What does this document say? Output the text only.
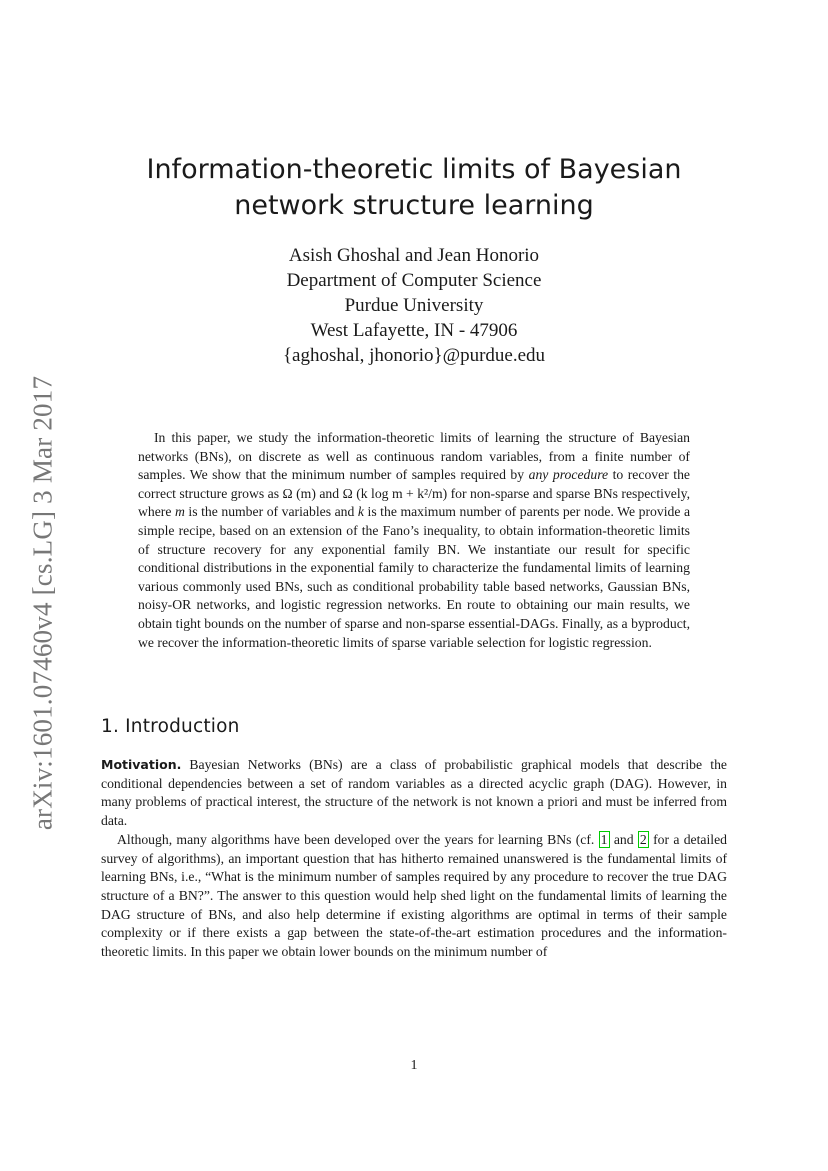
arXiv:1601.07460v4 [cs.LG] 3 Mar 2017
Information-theoretic limits of Bayesian
network structure learning
Asish Ghoshal and Jean Honorio
Department of Computer Science
Purdue University
West Lafayette, IN - 47906
{aghoshal, jhonorio}@purdue.edu

In this paper, we study the information-theoretic limits of learning the structure of Bayesian networks (BNs), on discrete as well as continuous random variables, from a finite number of samples. We show that the minimum number of samples required by any procedure to recover the correct structure grows as Ω (m) and Ω (k log m + k²/m) for non-sparse and sparse BNs respectively, where m is the number of variables and k is the maximum number of parents per node. We provide a simple recipe, based on an extension of the Fano’s inequality, to obtain information-theoretic limits of structure recovery for any exponential family BN. We instantiate our result for specific conditional distributions in the exponential family to characterize the fundamental limits of learning various commonly used BNs, such as conditional probability table based networks, Gaussian BNs, noisy-OR networks, and logistic regression networks. En route to obtaining our main results, we obtain tight bounds on the number of sparse and non-sparse essential-DAGs. Finally, as a byproduct, we recover the information-theoretic limits of sparse variable selection for logistic regression.

1. Introduction

Motivation. Bayesian Networks (BNs) are a class of probabilistic graphical models that describe the conditional dependencies between a set of random variables as a directed acyclic graph (DAG). However, in many problems of practical interest, the structure of the network is not known a priori and must be inferred from data.

Although, many algorithms have been developed over the years for learning BNs (cf. 1 and 2 for a detailed survey of algorithms), an important question that has hitherto remained unanswered is the fundamental limits of learning BNs, i.e., “What is the minimum number of samples required by any procedure to recover the true DAG structure of a BN?”. The answer to this question would help shed light on the fundamental limits of learning the DAG structure of BNs, and also help determine if existing algorithms are optimal in terms of their sample complexity or if there exists a gap between the state-of-the-art estimation procedures and the information-theoretic limits. In this paper we obtain lower bounds on the minimum number of

1
